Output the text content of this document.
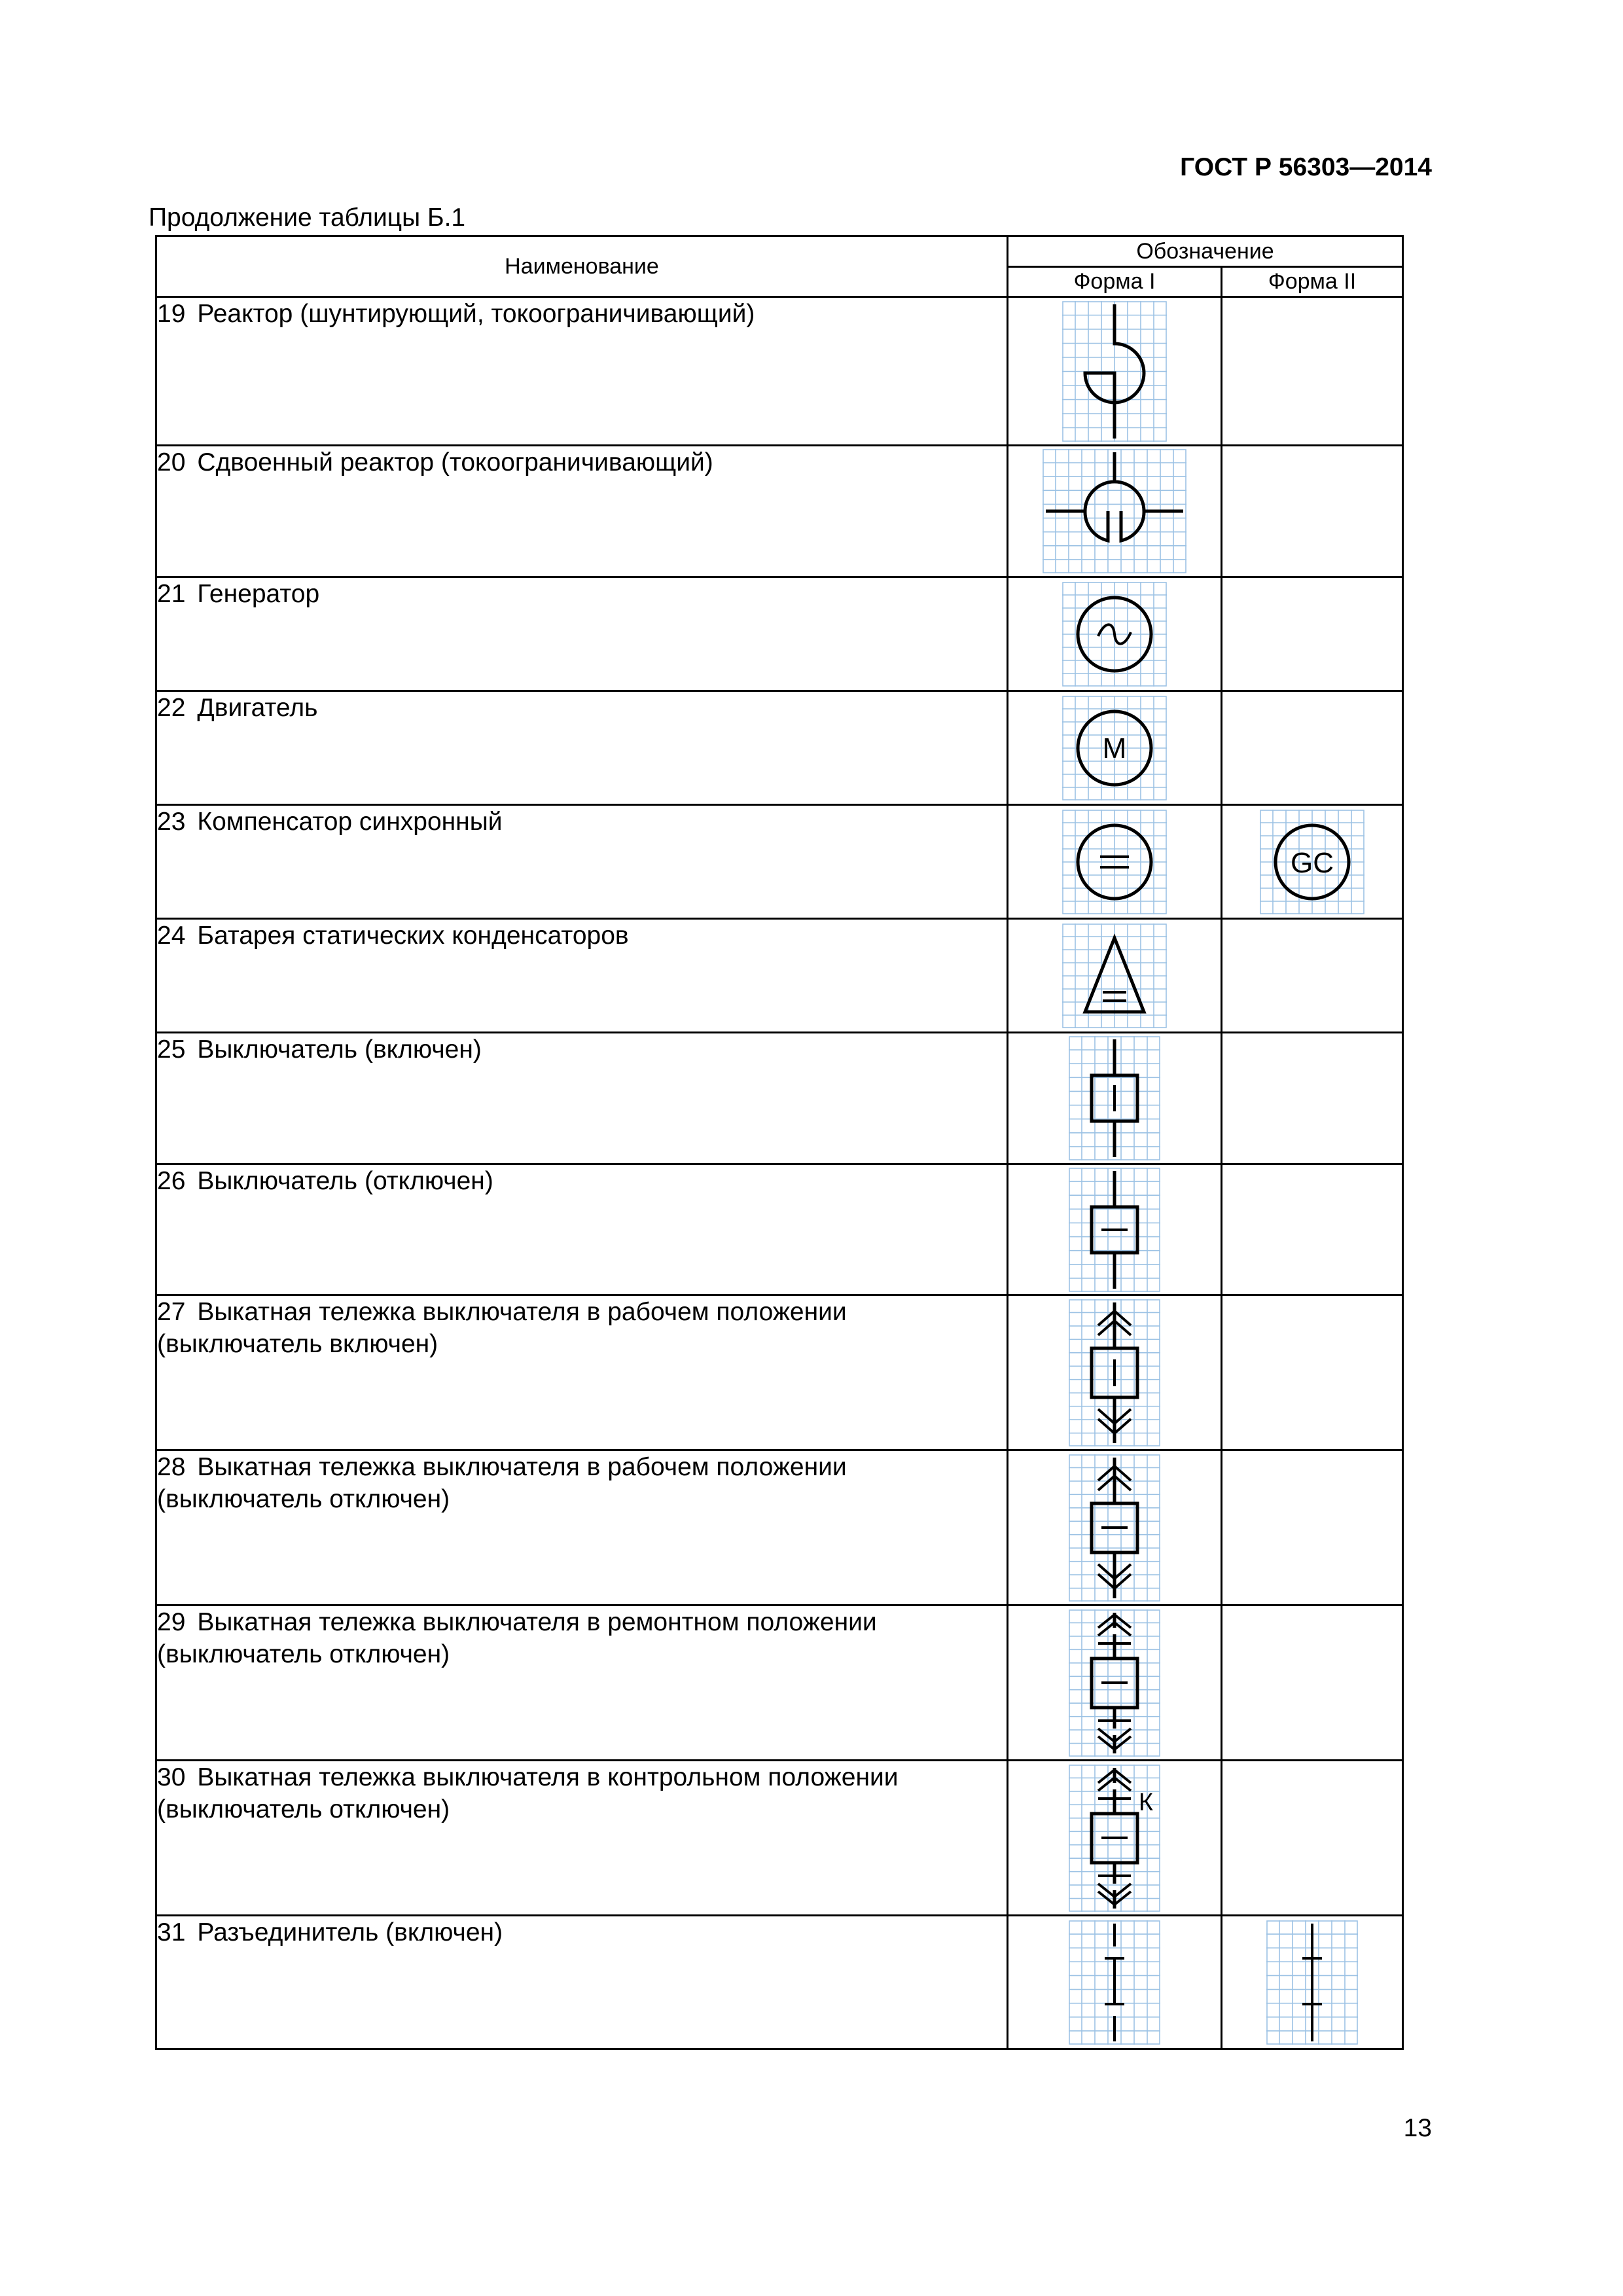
ГОСТ Р 56303—2014
Продолжение таблицы Б.1
Наименование	Обозначение	
	Форма I	Форма II
19 Реактор (шунтирующий, токоограничивающий)	

20 Сдвоенный реактор (токоограничивающий)	

21 Генератор	

22 Двигатель	М	

23 Компенсатор синхронный		GC

24 Батарея статических конденсаторов	

25 Выключатель (включен)	

26 Выключатель (отключен)	

27 Выкатная тележка выключателя в рабочем положении (выключатель включен)	

28 Выкатная тележка выключателя в рабочем положении (выключатель отключен)	

29 Выкатная тележка выключателя в ремонтном положении (выключатель отключен)	

30 Выкатная тележка выключателя в контрольном положении (выключатель отключен)	К	

31 Разъединитель (включен)	

13
